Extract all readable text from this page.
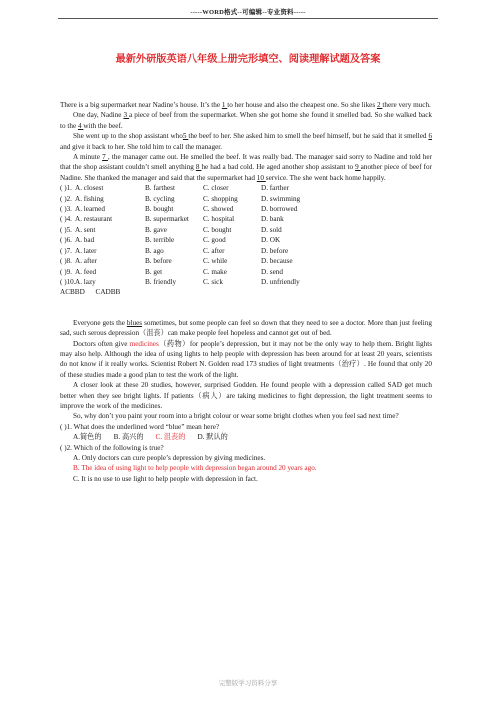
-----WORD格式--可编辑--专业资料-----
最新外研版英语八年级上册完形填空、阅读理解试题及答案

There is a big supermarket near Nadine’s house. It’s the 1 to her house and also the cheapest one. So she likes 2 there very much.

One day, Nadine 3 a piece of beef from the supermarket. When she got home she found it smelled bad. So she walked back to the 4 with the beef.

She went up to the shop assistant who5 the beef to her. She asked him to smell the beef himself, but he said that it smelled 6 and give it back to her. She told him to call the manager.

A minute 7 , the manager came out. He smelled the beef. It was really bad. The manager said sorry to Nadine and told her that the shop assistant couldn’t smell anything 8 he had a bad cold. He aged another shop assistant to 9 another piece of beef for Nadine. She thanked the manager and said that the supermarket had 10 service. The she went back home happily.

( )1. A. closest	B. farthest	C. closer	D. farther
( )2. A. fishing	B. cycling	C. shopping	D. swimming
( )3. A. learned	B. bought	C. showed	D. borrowed
( )4. A. restaurant	B. supermarket	C. hospital	D. bank
( )5. A. sent	B. gave	C. bought	D. sold
( )6. A. bad	B. terrible	C. good	D. OK
( )7. A. later	B. ago	C. after	D. before
( )8. A. after	B. before	C. while	D. because
( )9. A. feed	B. get	C. make	D. send
( )10. A. lazy	B. friendly	C. sick	D. unfriendly
ACBBD      CADBB

Everyone gets the blues sometimes, but some people can feel so down that they need to see a doctor. More than just feeling sad, such serous depression（沮丧）can make people feel hopeless and cannot get out of bed.

Doctors often give medicines（药物）for people’s depression, but it may not be the only way to help them. Bright lights may also help. Although the idea of using lights to help people with depression has been around for at least 20 years, scientists do not know if it really works. Scientist Robert N. Golden read 173 studies of light treatments（治疗）. He found that only 20 of these studies made a good plan to test the work of the light.

A closer look at these 20 studies, however, surprised Godden. He found people with a depression called SAD get much better when they see bright lights. If patients（病人）are taking medicines to fight depression, the light treatment seems to improve the work of the medicines.

So, why don’t you paint your room into a bright colour or wear some bright clothes when you feel sad next time?

( )1. What does the underlined word “blue” mean here?
A.简色的 B. 高兴的 C. 沮丧的 D. 默认的
( )2. Which of the following is true?
A. Only doctors can cure people’s depression by giving medicines.
B. The idea of using light to help people with depression began around 20 years ago.
C. It is no use to use light to help people with depression in fact.
完整版学习资料分享
